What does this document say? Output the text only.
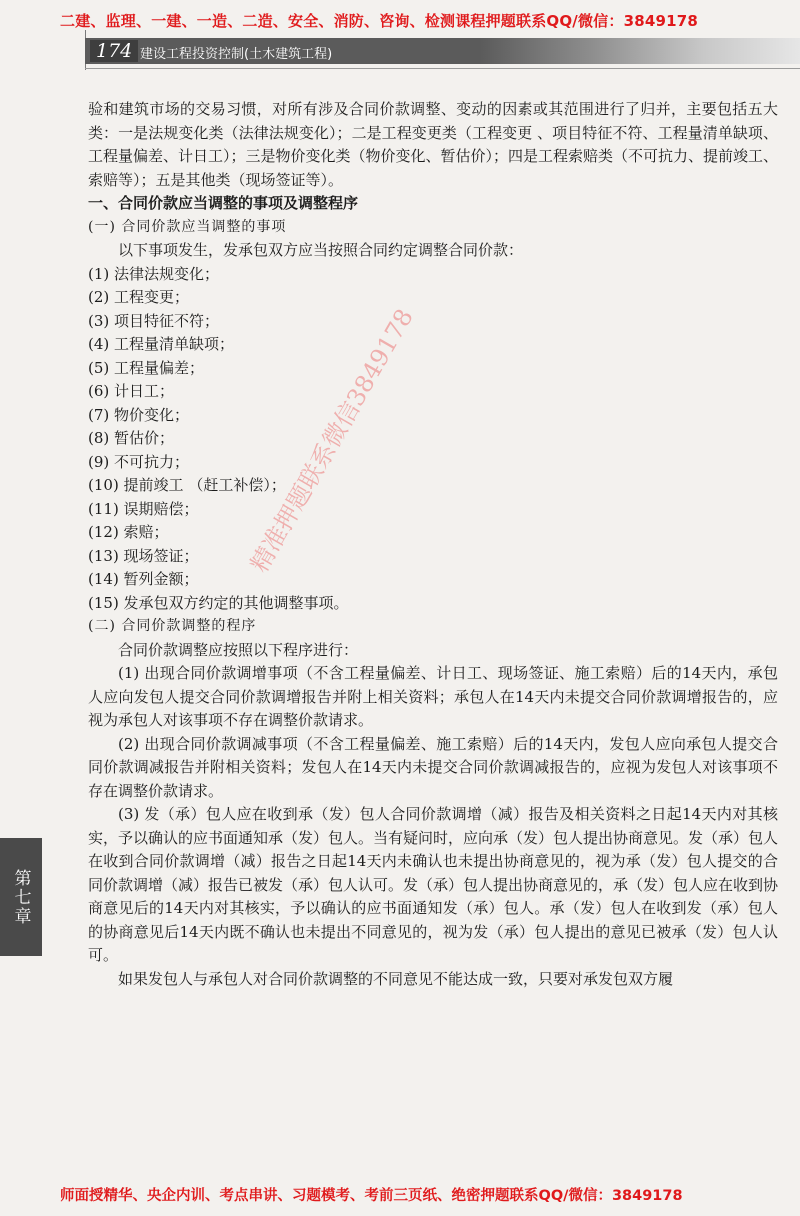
二建、监理、一建、一造、二造、安全、消防、咨询、检测课程押题联系QQ/微信：3849178
174 建设工程投资控制(土木建筑工程)

验和建筑市场的交易习惯，对所有涉及合同价款调整、变动的因素或其范围进行了归并，主要包括五大类：一是法规变化类（法律法规变化）；二是工程变更类（工程变更 、项目特征不符、工程量清单缺项、工程量偏差、计日工）；三是物价变化类（物价变化、暂估价）；四是工程索赔类（不可抗力、提前竣工、索赔等）；五是其他类（现场签证等）。

一、合同价款应当调整的事项及调整程序

(一) 合同价款应当调整的事项

以下事项发生，发承包双方应当按照合同约定调整合同价款：

(1) 法律法规变化；

(2) 工程变更；

(3) 项目特征不符；

(4) 工程量清单缺项；

(5) 工程量偏差；

(6) 计日工；

(7) 物价变化；

(8) 暂估价；

(9) 不可抗力；

(10) 提前竣工 （赶工补偿）；

(11) 误期赔偿；

(12) 索赔；

(13) 现场签证；

(14) 暂列金额；

(15) 发承包双方约定的其他调整事项。

(二) 合同价款调整的程序

合同价款调整应按照以下程序进行：

(1) 出现合同价款调增事项（不含工程量偏差、计日工、现场签证、施工索赔）后的14天内，承包人应向发包人提交合同价款调增报告并附上相关资料；承包人在14天内未提交合同价款调增报告的，应视为承包人对该事项不存在调整价款请求。

(2) 出现合同价款调减事项（不含工程量偏差、施工索赔）后的14天内，发包人应向承包人提交合同价款调减报告并附相关资料；发包人在14天内未提交合同价款调减报告的，应视为发包人对该事项不存在调整价款请求。

(3) 发（承）包人应在收到承（发）包人合同价款调增（减）报告及相关资料之日起14天内对其核实，予以确认的应书面通知承（发）包人。当有疑问时，应向承（发）包人提出协商意见。发（承）包人在收到合同价款调增（减）报告之日起14天内未确认也未提出协商意见的，视为承（发）包人提交的合同价款调增（减）报告已被发（承）包人认可。发（承）包人提出协商意见的，承（发）包人应在收到协商意见后的14天内对其核实，予以确认的应书面通知发（承）包人。承（发）包人在收到发（承）包人的协商意见后14天内既不确认也未提出不同意见的，视为发（承）包人提出的意见已被承（发）包人认可。

如果发包人与承包人对合同价款调整的不同意见不能达成一致，只要对承发包双方履

第七章
精准押题联系微信3849178
师面授精华、央企内训、考点串讲、习题模考、考前三页纸、绝密押题联系QQ/微信：3849178
